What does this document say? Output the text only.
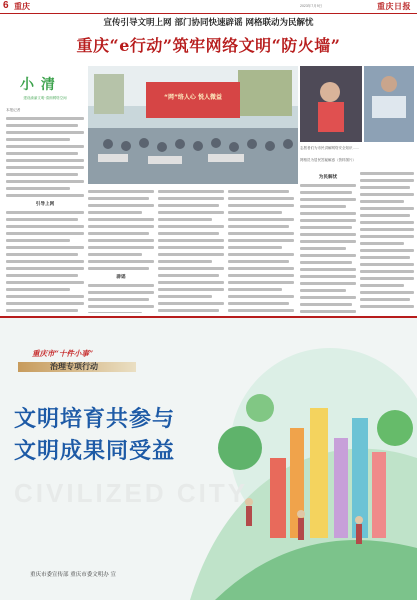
6 重庆	2023年7月9日	重庆日报
宣传引导文明上网 部门协同快速辟谣 网格联动为民解忧
重庆“e行动”筑牢网络文明“防火墙”
小 清
建设渝渝文明·清朗网络空间
本报记者
引导上网
“网”络人心 悦人微益
志愿者们为市民讲解网络安全知识……
网格员为居民答疑解惑（资料图片）
辟谣
为民解忧
重庆市“十件小事”
治理专项行动
文明培育共参与
文明成果同受益
CIVILIZED CITY
重庆市委宣传部 重庆市委文明办 宣
